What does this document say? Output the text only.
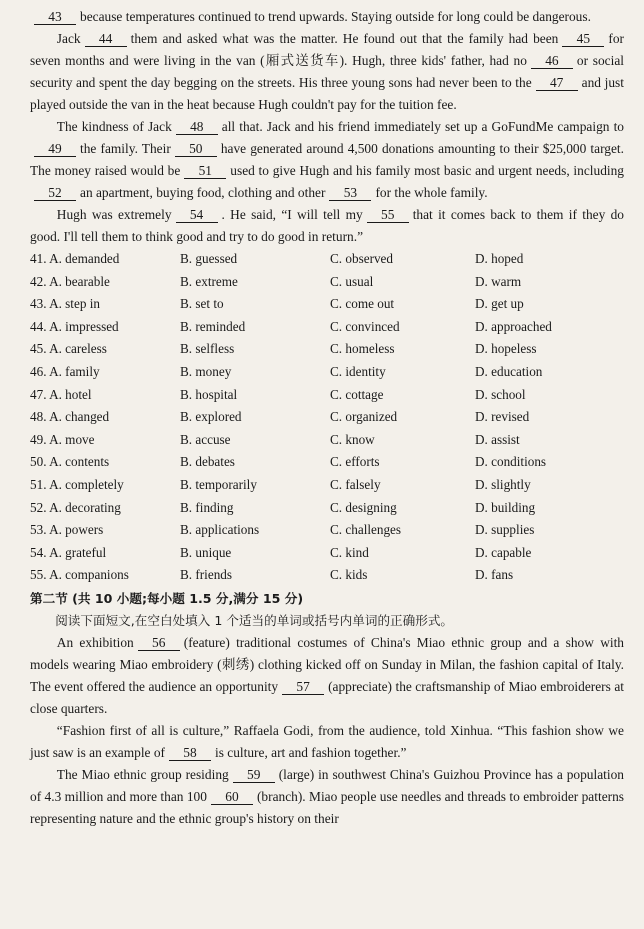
43 because temperatures continued to trend upwards. Staying outside for long could be dangerous.

Jack 44 them and asked what was the matter. He found out that the family had been 45 for seven months and were living in the van (厢式送货车). Hugh, three kids' father, had no 46 or social security and spent the day begging on the streets. His three young sons had never been to the 47 and just played outside the van in the heat because Hugh couldn't pay for the tuition fee.

The kindness of Jack 48 all that. Jack and his friend immediately set up a GoFundMe campaign to49 the family. Their 50 have generated around 4,500 donations amounting to their $25,000 target. The money raised would be 51 used to give Hugh and his family most basic and urgent needs, including52 an apartment, buying food, clothing and other 53 for the whole family.

Hugh was extremely 54 . He said, “I will tell my 55 that it comes back to them if they do good. I'll tell them to think good and try to do good in return.”

41. A. demanded	B. guessed	C. observed	D. hoped
42. A. bearable	B. extreme	C. usual	D. warm
43. A. step in	B. set to	C. come out	D. get up
44. A. impressed	B. reminded	C. convinced	D. approached
45. A. careless	B. selfless	C. homeless	D. hopeless
46. A. family	B. money	C. identity	D. education
47. A. hotel	B. hospital	C. cottage	D. school
48. A. changed	B. explored	C. organized	D. revised
49. A. move	B. accuse	C. know	D. assist
50. A. contents	B. debates	C. efforts	D. conditions
51. A. completely	B. temporarily	C. falsely	D. slightly
52. A. decorating	B. finding	C. designing	D. building
53. A. powers	B. applications	C. challenges	D. supplies
54. A. grateful	B. unique	C. kind	D. capable
55. A. companions	B. friends	C. kids	D. fans
第二节 (共 10 小题;每小题 1.5 分,满分 15 分)

阅读下面短文,在空白处填入 1 个适当的单词或括号内单词的正确形式。

An exhibition 56 (feature) traditional costumes of China's Miao ethnic group and a show with models wearing Miao embroidery (刺绣) clothing kicked off on Sunday in Milan, the fashion capital of Italy. The event offered the audience an opportunity 57 (appreciate) the craftsmanship of Miao embroiderers at close quarters.

“Fashion first of all is culture,” Raffaela Godi, from the audience, told Xinhua. “This fashion show we just saw is an example of 58 is culture, art and fashion together.”

The Miao ethnic group residing 59 (large) in southwest China's Guizhou Province has a population of 4.3 million and more than 100 60 (branch). Miao people use needles and threads to embroider patterns representing nature and the ethnic group's history on their
